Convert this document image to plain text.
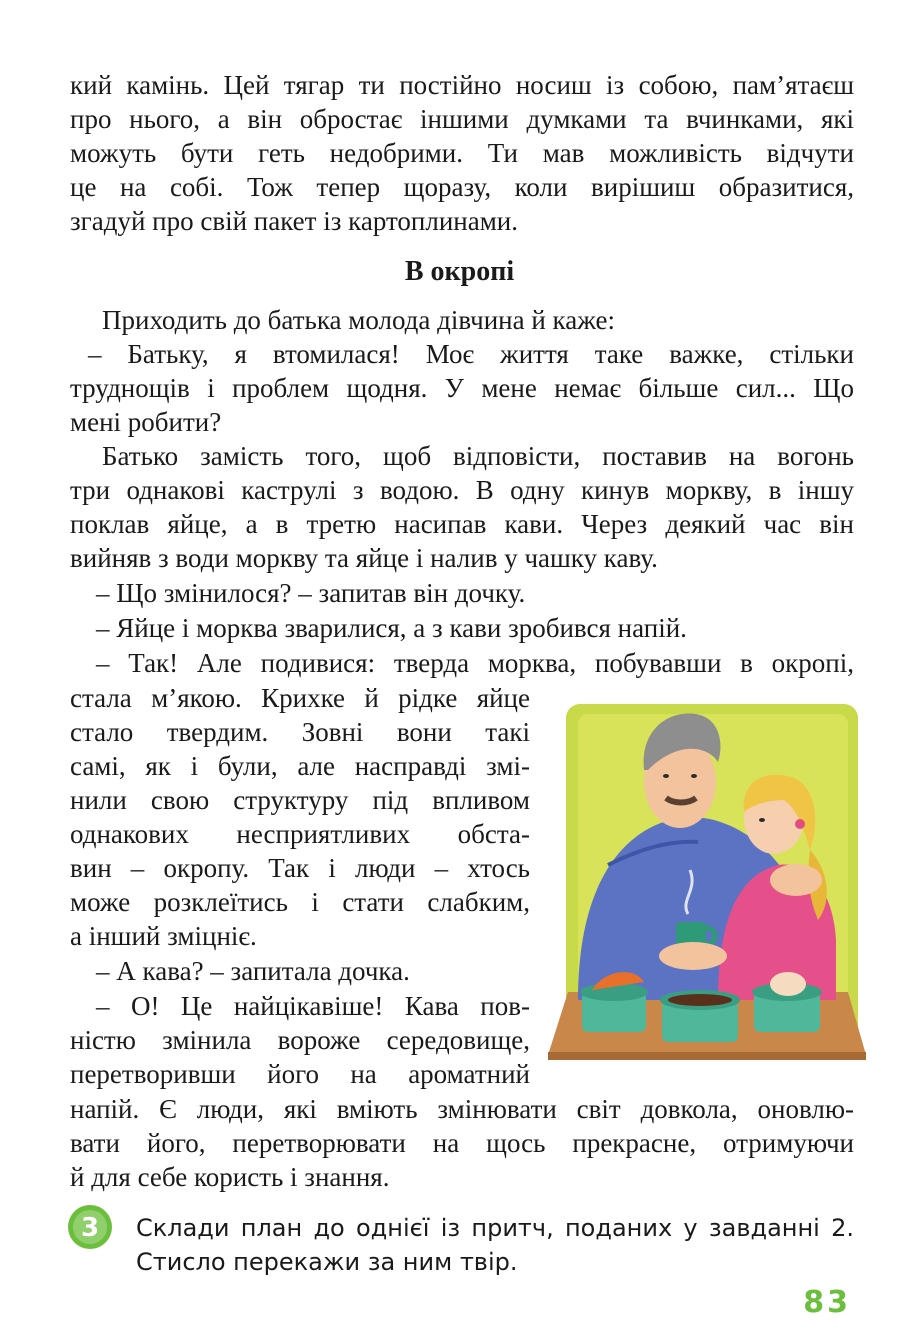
кий камінь. Цей тягар ти постійно носиш із собою, пам’ятаєш
про нього, а він обростає іншими думками та вчинками, які
можуть бути геть недобрими. Ти мав можливість відчути
це на собі. Тож тепер щоразу, коли вирішиш образитися,
згадуй про свій пакет із картоплинами.
В окропі
Приходить до батька молода дівчина й каже:
– Батьку, я втомилася! Моє життя таке важке, стільки
труднощів і проблем щодня. У мене немає більше сил... Що
мені робити?
Батько замість того, щоб відповісти, поставив на вогонь
три однакові каструлі з водою. В одну кинув моркву, в іншу
поклав яйце, а в третю насипав кави. Через деякий час він
вийняв з води моркву та яйце і налив у чашку каву.
– Що змінилося? – запитав він дочку.
– Яйце і морква зварилися, а з кави зробився напій.
– Так! Але подивися: тверда морква, побувавши в окропі,
стала м’якою. Крихке й рідке яйце
стало твердим. Зовні вони такі
самі, як і були, але насправді змі-
нили свою структуру під впливом
однакових несприятливих обста-
вин – окропу. Так і люди – хтось
може розклеїтись і стати слабким,
а інший зміцніє.
– А кава? – запитала дочка.
– О! Це найцікавіше! Кава пов-
ністю змінила вороже середовище,
перетворивши його на ароматний
напій. Є люди, які вміють змінювати світ довкола, оновлю-
вати його, перетворювати на щось прекрасне, отримуючи
й для себе користь і знання.
3 Склади план до однієї із притч, поданих у завданні 2.
Стисло перекажи за ним твір.
83
